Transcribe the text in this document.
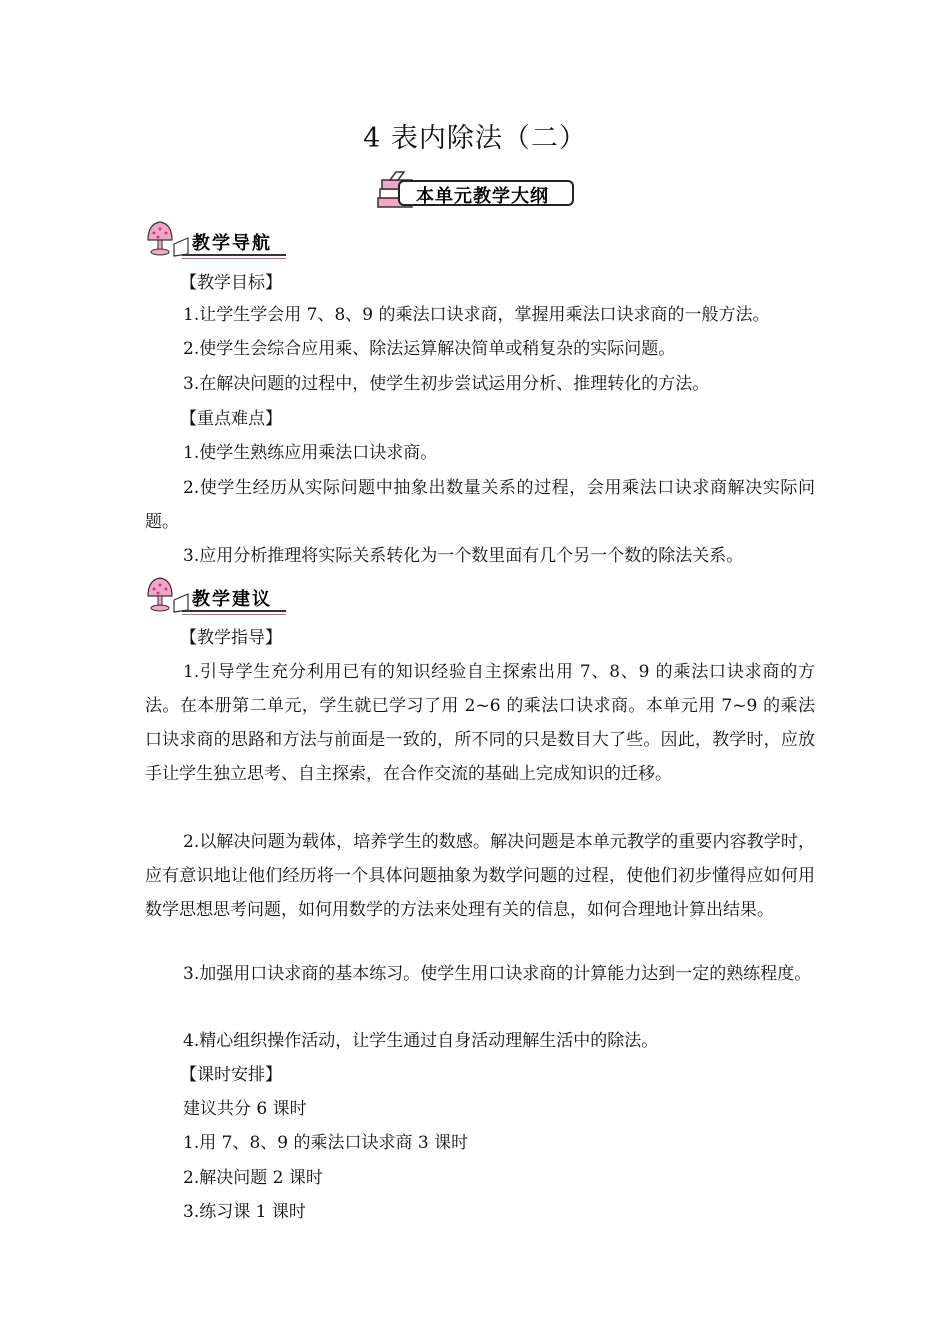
4 表内除法（二）
本单元教学大纲
教学导航

【教学目标】

1.让学生学会用 7、8、9 的乘法口诀求商，掌握用乘法口诀求商的一般方法。

2.使学生会综合应用乘、除法运算解决简单或稍复杂的实际问题。

3.在解决问题的过程中，使学生初步尝试运用分析、推理转化的方法。

【重点难点】

1.使学生熟练应用乘法口诀求商。

2.使学生经历从实际问题中抽象出数量关系的过程，会用乘法口诀求商解决实际问题。

3.应用分析推理将实际关系转化为一个数里面有几个另一个数的除法关系。

教学建议

【教学指导】

1.引导学生充分利用已有的知识经验自主探索出用 7、8、9 的乘法口诀求商的方法。在本册第二单元，学生就已学习了用 2~6 的乘法口诀求商。本单元用 7~9 的乘法口诀求商的思路和方法与前面是一致的，所不同的只是数目大了些。因此，教学时，应放手让学生独立思考、自主探索，在合作交流的基础上完成知识的迁移。

2.以解决问题为载体，培养学生的数感。解决问题是本单元教学的重要内容教学时，应有意识地让他们经历将一个具体问题抽象为数学问题的过程，使他们初步懂得应如何用数学思想思考问题，如何用数学的方法来处理有关的信息，如何合理地计算出结果。

3.加强用口诀求商的基本练习。使学生用口诀求商的计算能力达到一定的熟练程度。

4.精心组织操作活动，让学生通过自身活动理解生活中的除法。

【课时安排】

建议共分 6 课时

1.用 7、8、9 的乘法口诀求商 3 课时

2.解决问题 2 课时

3.练习课 1 课时
